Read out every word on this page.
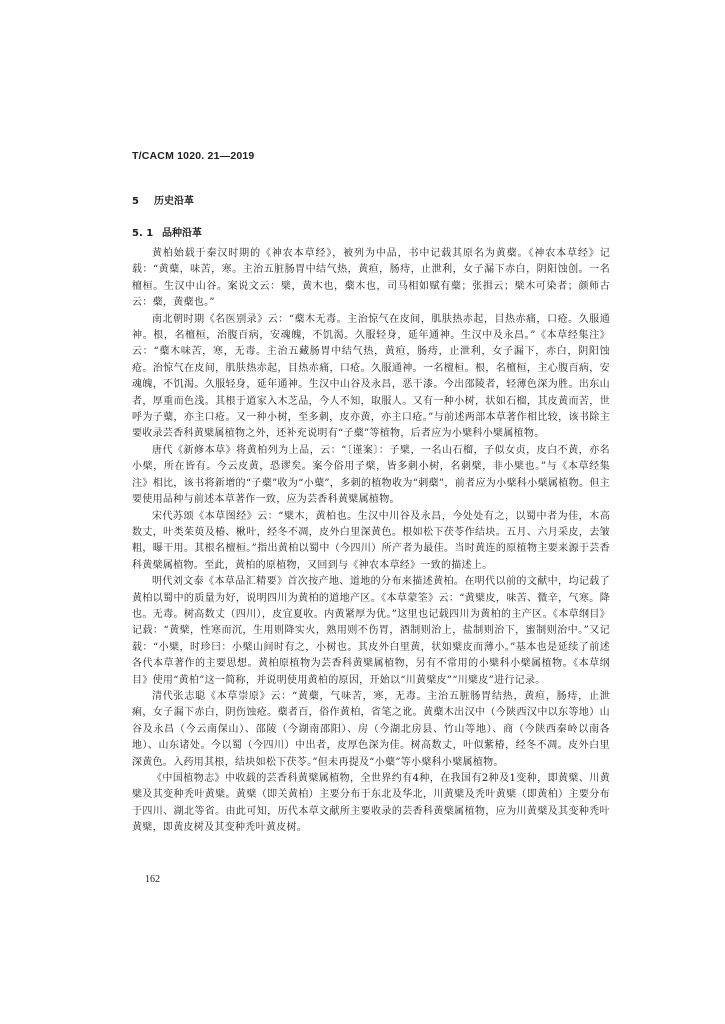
T/CACM 1020. 21—2019

5 历史沿革
5. 1 品种沿革

黄柏始载于秦汉时期的《神农本草经》，被列为中品，书中记载其原名为黄蘗。《神农本草经》记载：“黄蘗，味苦，寒。主治五脏肠胃中结气热，黄疸，肠痔，止泄利，女子漏下赤白，阴阳蚀创。一名檀桓。生汉中山谷。案说文云：檗，黄木也，蘗木也，司马相如赋有蘗；张揖云；檗木可染者；颜师古云：蘗，黄蘗也。”

南北朝时期《名医别录》云：“蘗木无毒。主治惊气在皮间，肌肤热赤起，目热赤痛，口疮。久服通神。根，名檀桓，治腹百病，安魂魄，不饥渴。久服轻身，延年通神。生汉中及永昌。”《本草经集注》云：“蘗木味苦，寒，无毒。主治五藏肠胃中结气热，黄疸，肠痔，止泄利，女子漏下，赤白，阴阳蚀疮。治惊气在皮间，肌肤热赤起，目热赤痛，口疮。久服通神。一名檀桓。根，名檀桓，主心腹百病，安魂魄，不饥渴。久服轻身，延年通神。生汉中山谷及永昌，恶干漆。今出邵陵者，轻薄色深为胜。出东山者，厚重而色浅。其根于道家入木芝品，今人不知，取服人。又有一种小树，状如石榴，其皮黄而苦，世呼为子蘗，亦主口疮。又一种小树，至多刺，皮亦黄，亦主口疮。”与前述两部本草著作相比较，该书除主要收录芸香科黄檗属植物之外，还补充说明有“子蘗”等植物，后者应为小檗科小檗属植物。

唐代《新修本草》将黄柏列为上品，云：“〔谨案〕：子檗，一名山石榴，子似女贞，皮白不黄，亦名小檗，所在皆有。今云皮黄，恐谬矣。案今俗用子檗，皆多刺小树，名刺檗，非小檗也。”与《本草经集注》相比，该书将新增的“子蘗”收为“小蘗”，多刺的植物收为“刺蘗”，前者应为小檗科小檗属植物。但主要使用品种与前述本草著作一致，应为芸香科黄檗属植物。

宋代苏颂《本草图经》云：“檗木，黄柏也。生汉中川谷及永昌，今处处有之，以蜀中者为佳，木高数丈，叶类茱萸及椿、楸叶，经冬不凋，皮外白里深黄色。根如松下茯苓作结块。五月、六月采皮，去皱粗，曝干用。其根名檀桓。”指出黄柏以蜀中（今四川）所产者为最佳。当时黄连的原植物主要来源于芸香科黄檗属植物。至此，黄柏的原植物，又回到与《神农本草经》一致的描述上。

明代刘文泰《本草品汇精要》首次按产地、道地的分布来描述黄柏。在明代以前的文献中，均记载了黄柏以蜀中的质量为好，说明四川为黄柏的道地产区。《本草蒙筌》云：“黄檗皮，味苦、微辛，气寒。降也。无毒。树高数丈（四川），皮宜夏收。内黄紧厚为优。”这里也记载四川为黄柏的主产区。《本草纲目》记载：“黄檗，性寒而沉，生用则降实火，熟用则不伤胃，酒制则治上，盐制则治下，蜜制则治中。”又记载：“小檗，时珍曰：小檗山间时有之，小树也。其皮外白里黄，状如檗皮而薄小。”基本也是延续了前述各代本草著作的主要思想。黄柏原植物为芸香科黄檗属植物，另有不常用的小檗科小檗属植物。《本草纲目》使用“黄柏”这一简称，并说明使用黄柏的原因，开始以“川黄檗皮”“川檗皮”进行记录。

清代张志聪《本草崇原》云：“黄蘗，气味苦，寒，无毒。主治五脏肠胃结热，黄疸，肠痔，止泄痢，女子漏下赤白，阴伤蚀疮。蘗者百，俗作黄柏，省笔之讹。黄蘗木出汉中（今陕西汉中以东等地）山谷及永昌（今云南保山）、邵陵（今湖南邵阳）、房（今湖北房县、竹山等地）、商（今陕西秦岭以南各地）、山东诸处。今以蜀（今四川）中出者，皮厚色深为佳。树高数丈，叶似紫椿，经冬不凋。皮外白里深黄色。入药用其根，结块如松下茯苓。”但未再提及“小蘗”等小檗科小檗属植物。

《中国植物志》中收载的芸香科黄檗属植物，全世界约有4种，在我国有2种及1变种，即黄檗、川黄檗及其变种秃叶黄檗。黄檗（即关黄柏）主要分布于东北及华北，川黄檗及秃叶黄檗（即黄柏）主要分布于四川、湖北等省。由此可知，历代本草文献所主要收录的芸香科黄檗属植物，应为川黄檗及其变种秃叶黄檗，即黄皮树及其变种秃叶黄皮树。

162
